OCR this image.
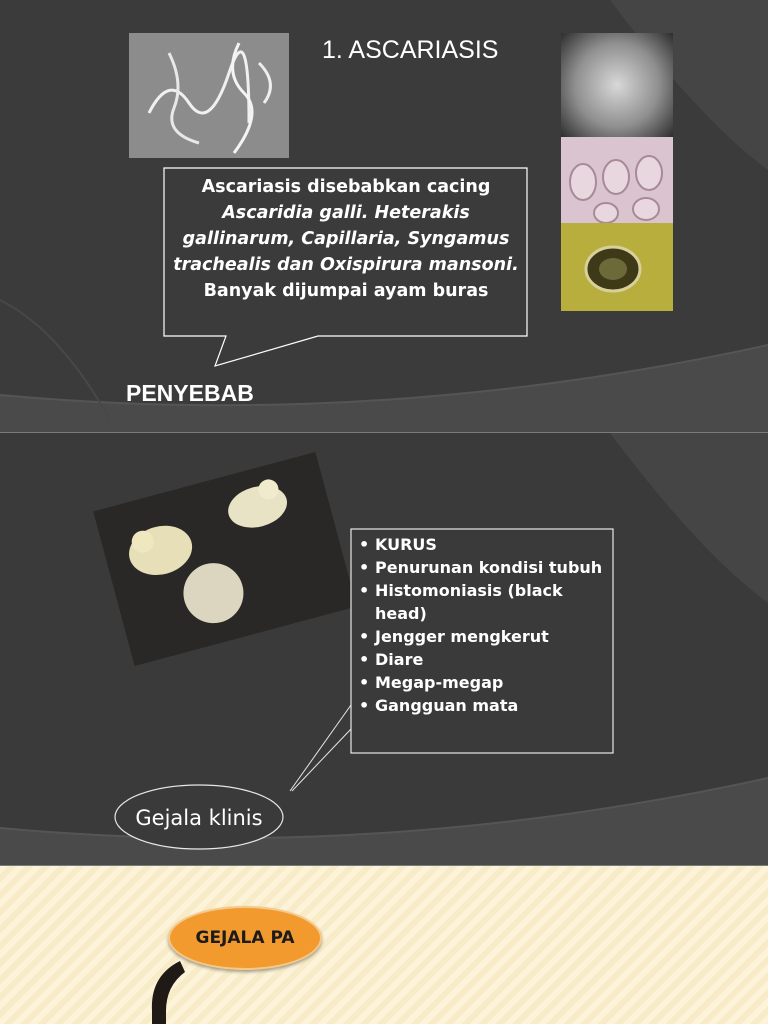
1. ASCARIASIS
Ascariasis disebabkan cacing
Ascaridia galli. Heterakis gallinarum, Capillaria, Syngamus trachealis dan Oxispirura mansoni. Banyak dijumpai ayam buras
PENYEBAB
• KURUS
• Penurunan kondisi tubuh
• Histomoniasis (black head)
• Jengger mengkerut
• Diare
• Megap-megap
• Gangguan mata
Gejala klinis
GEJALA PA
